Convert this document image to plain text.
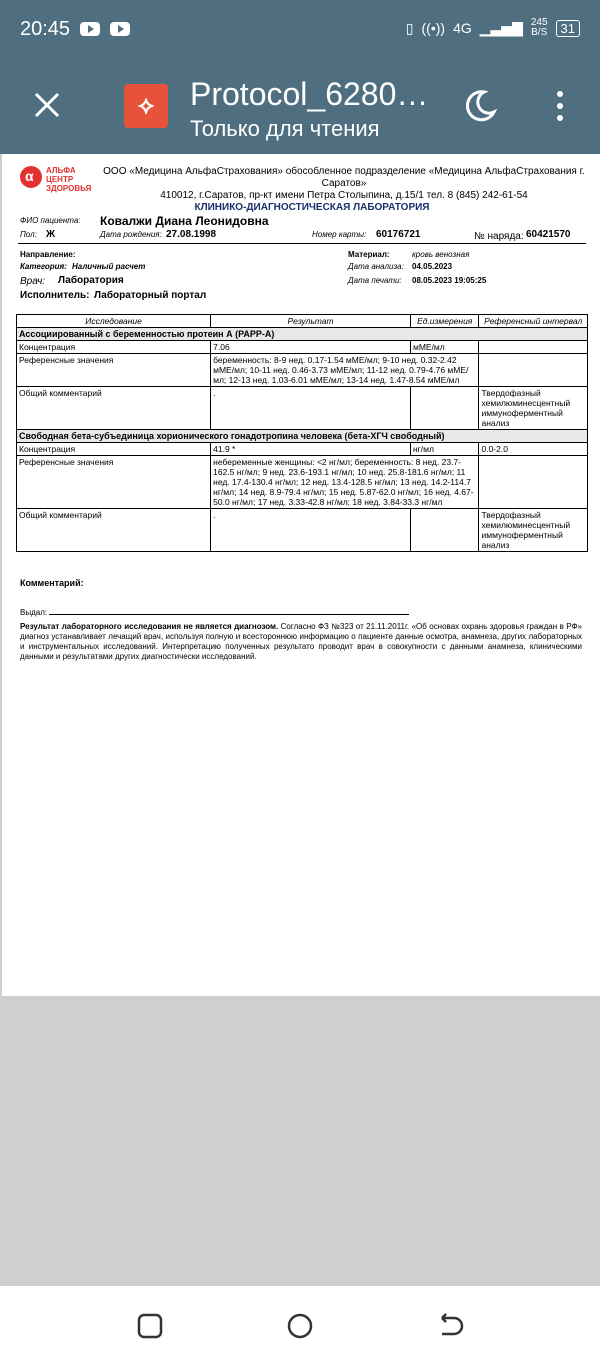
20:45	▯ ((•)) 4G ▁▃▅▇ 245
B/S	31
⟡	Protocol_6280…
Только для чтения
α
АЛЬФА
ЦЕНТР
ЗДОРОВЬЯ
ООО «Медицина АльфаСтрахования» обособленное подразделение «Медицина АльфаСтрахования г. Саратов»
410012, г.Саратов, пр-кт имени Петра Столыпина, д.15/1 тел. 8 (845) 242-61-54
КЛИНИКО-ДИАГНОСТИЧЕСКАЯ ЛАБОРАТОРИЯ
ФИО пациента: Ковалжи Диана Леонидовна
Пол: Ж	Дата рождения: 27.08.1998	Номер карты: 60176721	№ наряда: 60421570
Направление:
Категория: Наличный расчет
Врач: Лаборатория
Исполнитель: Лабораторный портал
Материал:	кровь венозная
Дата анализа: 04.05.2023
Дата печати: 08.05.2023 19:05:25
Исследование	Результат	Ед.измерения	Референсный интервал
Ассоциированный с беременностью протеин А (PAPP-A)			
Концентрация	7.06	мМЕ/мл	
Референсные значения	беременность: 8-9 нед. 0.17-1.54 мМЕ/мл; 9-10 нед. 0.32-2.42 мМЕ/мл; 10-11 нед. 0.46-3.73 мМЕ/мл; 11-12 нед. 0.79-4.76 мМЕ/мл; 12-13 нед. 1.03-6.01 мМЕ/мл; 13-14 нед. 1.47-8.54 мМЕ/мл		
Общий комментарий	.		Твердофазный хемилюминесцентный иммуноферментный анализ
Свободная бета-субъединица хорионического гонадотропина человека (бета-ХГЧ свободный)			
Концентрация	41.9 *	нг/мл	0.0-2.0
Референсные значения	небеременные женщины: <2 нг/мл; беременность: 8 нед. 23.7-162.5 нг/мл; 9 нед. 23.6-193.1 нг/мл; 10 нед. 25.8-181.6 нг/мл; 11 нед. 17.4-130.4 нг/мл; 12 нед. 13.4-128.5 нг/мл; 13 нед. 14.2-114.7 нг/мл; 14 нед. 8.9-79.4 нг/мл; 15 нед. 5.87-62.0 нг/мл; 16 нед. 4.67-50.0 нг/мл; 17 нед. 3.33-42.8 нг/мл; 18 нед. 3.84-33.3 нг/мл		
Общий комментарий	.		Твердофазный хемилюминесцентный иммуноферментный анализ
Комментарий:
Выдал:
Результат лабораторного исследования не является диагнозом. Согласно ФЗ №323 от 21.11.2011г. «Об основах охрань здоровья граждан в РФ» диагноз устанавливает лечащий врач, используя полную и всестороннюю информацию о пациенте данные осмотра, анамнеза, других лабораторных и инструментальных исследований. Интерпретацию полученных результато проводит врач в совокупности с данными анамнеза, клиническими данными и результатами других диагностически исследований.
